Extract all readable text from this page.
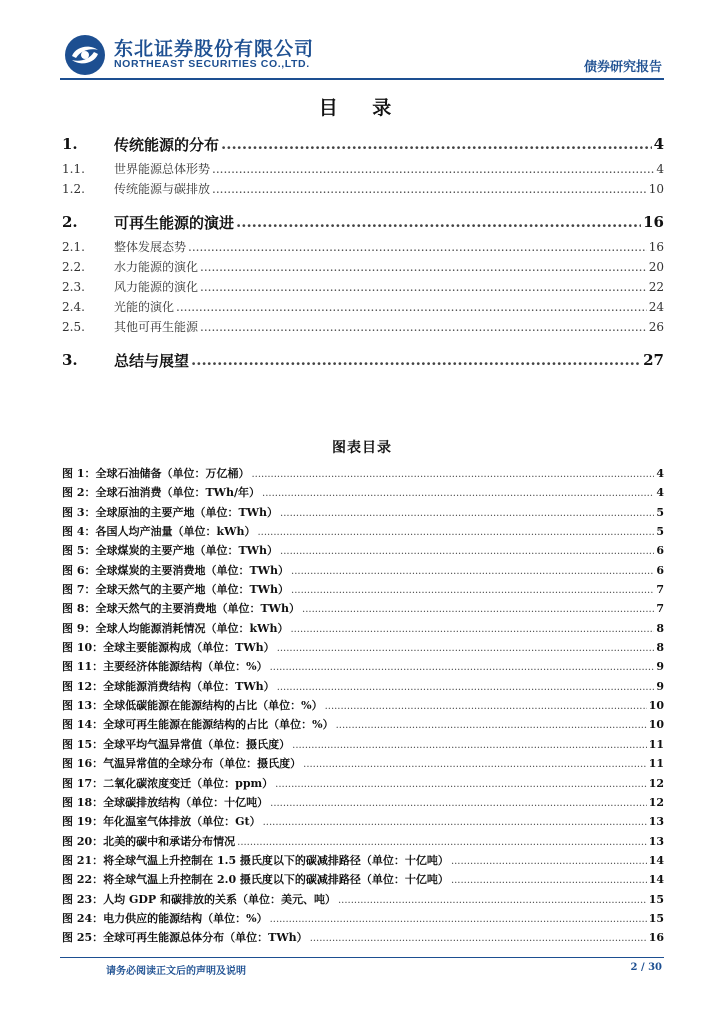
东北证券股份有限公司
NORTHEAST SECURITIES CO.,LTD.	债券研究报告
目 录
1.	传统能源的分布 .....	4
1.1.	世界能源总体形势 .....	4
1.2.	传统能源与碳排放 .....	10
2.	可再生能源的演进 .....	16
2.1.	整体发展态势 .....	16
2.2.	水力能源的演化 .....	20
2.3.	风力能源的演化 .....	22
2.4.	光能的演化 .....	24
2.5.	其他可再生能源 .....	26
3.	总结与展望 .....	27
图表目录
图 1：全球石油储备（单位：万亿桶） .....	4
图 2：全球石油消费（单位：TWh/年） .....	4
图 3：全球原油的主要产地（单位：TWh） .....	5
图 4：各国人均产油量（单位：kWh） .....	5
图 5：全球煤炭的主要产地（单位：TWh） .....	6
图 6：全球煤炭的主要消费地（单位：TWh） .....	6
图 7：全球天然气的主要产地（单位：TWh） .....	7
图 8：全球天然气的主要消费地（单位：TWh） .....	7
图 9：全球人均能源消耗情况（单位：kWh） .....	8
图 10：全球主要能源构成（单位：TWh） .....	8
图 11：主要经济体能源结构（单位：%） .....	9
图 12：全球能源消费结构（单位：TWh） .....	9
图 13：全球低碳能源在能源结构的占比（单位：%） .....	10
图 14：全球可再生能源在能源结构的占比（单位：%） .....	10
图 15：全球平均气温异常值（单位：摄氏度） .....	11
图 16：气温异常值的全球分布（单位：摄氏度） .....	11
图 17：二氧化碳浓度变迁（单位：ppm） .....	12
图 18：全球碳排放结构（单位：十亿吨） .....	12
图 19：年化温室气体排放（单位：Gt） .....	13
图 20：北美的碳中和承诺分布情况 .....	13
图 21：将全球气温上升控制在 1.5 摄氏度以下的碳减排路径（单位：十亿吨） .....	14
图 22：将全球气温上升控制在 2.0 摄氏度以下的碳减排路径（单位：十亿吨） .....	14
图 23：人均 GDP 和碳排放的关系（单位：美元、吨） .....	15
图 24：电力供应的能源结构（单位：%） .....	15
图 25：全球可再生能源总体分布（单位：TWh） .....	16
请务必阅读正文后的声明及说明	2 / 30
